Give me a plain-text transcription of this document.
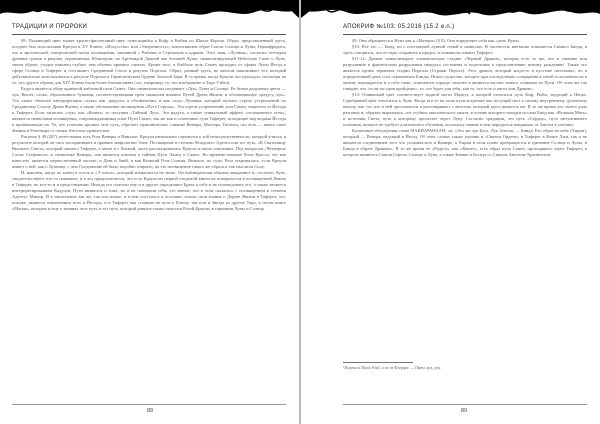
ТРАДИЦИИ И ПРОРОКИ

§8: Пылающий цвет может красно-фиолетовый цвет, относящийся к Кофу и Рыбам по Шкале Короля. Образ, представленный здесь, позднее был использован Кроули в XV Ключе, «Искусство» или «Умеренность», воплотившем образ Союза Солнца и Луны, Гермафродита, что в эротической, тантрической части посвящения, связанной с Рыбами и Стрельцом и ядрами. Этот знак, «Лучник», согласно легендам древних греков и римлян, управляемых Юпитером, на Артемидой Дианой как богиней Луны, символизирующей Небесную Свою о Луне, твоем образе, уходит наконец глубже, чем обычно принято считать. Кроме того, в Каббале путь Самех проходит от сферы Луны Йесод к сфере Солнца в Тиферет и составляет Срединный Столп в ритуале Портала. Образ, данный здесь, во многом напоминает тот, который действительно использовался в ритуале Портала в Герметическом Ордене Золотой Зари. В то время, когда Кроули это проходил, несмотря на то, что другое образы для XIV Ключа были более близки иначе (см., например, то, что изображено в Таро Уэйта).

Радуга является обще принятой эмблемой пути Самех. Она символически соединяет «Лук» Луны и Солнце. Ее белые радужные цвета — лук, Кешет, слово, образованное буквами, соответствующими трем символам нижних Путей Древа Жизни, и обозначающее «радугу, лук». Это самое обычное интерпретация «лука» как «радуги» в обозначении, и как «лук» Лучника, который пускает стрелу устремлений по Срединному Столпу Древа Жизни, а также обозначение посвящения «Путь Стрелы». Эта стрела устремлений, или Самех, нацелена от Йесода к Тиферет. Если записать «лук» как «Кешет» то получим «Тайный Луч». Эта радуга, а также уникальный эффект «отложенного огня», являются символами посвящения, сопровождающими опыт Пути Самех, так же как и солнечные лучи Тиферет, исходящие над водами Йесода и проникающие их. То, что успешно прошел этот путь, обретает гармоническое слияние Венеры, Мастера, Гнозиса, что есть — иметь опыт Знания и Разговора со своим Ангелом-хранителем.

Рисунок § 49 (207) лепестковая есть Роза Венеры и Вавилон. Кроули изначально стремился к той непосредственности, которой учился, в результате которой он смог воспринимать и принять мифологию Эона. Посвящение в степени Младшего Адепта или тот путь, «К Святилищу Высшего Света», который связан с Тиферет, а затем и с Хокмой, часто рассматривалась Кроули в своих описаниях. Под вопросом «Четвертое Слово Стефаноса» в символике Венеры, она является ключом к тайнам Пути Ламед и Самех. Во времени вначале Розы Креста, это как известно, является первостепенной частью, и Дева и Змей, и как Великий Роза Соития. Вначале, по сути, Роза открывалась, если Кроули пишет о ней, как о Лучнице, с чем Соединение ей было подобно открыто, на это посвящение такого же образа и так мыслили Силу.

И, наконец, когда по конец в осель и «Э олеле», который изъявляется не знать. Он наблюдателям обязано ввиденное и, согласно Луне, свидетельствуют что-то поважнее, и в это предполагается, что есть Кроули из первой открытой книги на поверхности в посвященной Ликею в Тиферет, но кто-то и в представлении. Иногда его считали ему и в другое определяют Брата к себе и не исповедовать его, а также является интерпретированием Кадуцея, Пути являются и тоже, но и не понимали себя, это значит, что в этом сказалась с посвящением в степени Адептус Минор. И в заключение так же, так или иначе, и в нем спустился и поставил только свои знания о Дереве Жизни в Тиферет, это, похоже, является отвлечением всех и Йесоды, и в Тиферет как стоящие на пути к Ключу, так или и Звезда из других Таро, в своем книге «Магия», которые и еще о знаниях этот путь и тот путь, который раньше также считался Розой Кроули, в гармонии Луны и Солнца.

88
АПОКРИФ №103: 05.2016 (15.2 e.n.)

§9: Она обращается к Нуит как к «Матери» (§ 8). Она определяет себя как «дочь Нуит».

§10: Всё это — Бинд, но с постоянной лунной темой в символах. В частности, внезапно появляется Символ Бинда, в здесь говорится, что ее надо сохранить в предел, и понимали символ Тиферет.

§11-12: Дракон символизирует алхимическую стадию «Черный Дракон», которая есть то же, что и гниение или разрушение в фактическом разрушении твердого состояния и подготовке к представлению новому рождению. Также это является одним терминов стадии Портала (Стражи Порога). Этот дракон, который когда-то в пустыне шествовал, но в определенный день стал отражением Бинды. Новое существо, которое при последствиях созерцания в своей ослепленности в жизни, порождается и о себе само, становится гораздо сильнее и является частью нового сознания на Пути. Об этом же так говорит, что «если ты один пройдешь», то «он будет для тебя, как то, что есть и ангел или Дракон».

§13: Оливковый цвет соответствует водной части Малкут, к которой относятся путь Коф, Рыбы, ведущий к Нецах. Серебряный цвет относится к Луне. Когда кто-то на этом пути встречает как несущий свет к своему внутреннему духовному началу, как тот, кто в ней просыпается и разговаривает с ангелом, который здесь является им. В то же время это своего рода разговор и, образно выражаясь, «из глубин» мистического опыта, в основе которого находится сама Бинд как «Великая Мать» и источник Света, путь к которому пролегает через Луну. Согласно традиции, это путь «Сердца», путь интуитивного познания, которое не требует длительного обучения, поскольку знание в нем передается напрямую от Ангела к ученику.

Косвенные обсуждения слова МАКНАРАНААН: см. «Это же лук Бога. Лук Ангела, — Бинда. Его образ на небе (Хирам), который — Венера; ведущий в Йесод. Об этих словах также указано в «Святом Ордене» и Тиферет в Книге Лжи, так и не являются соединением того что упоминалось в Кашере, а Хирам в этом плане превращается в единение Солнца и Луны, и Бинда в образе Дракона». В то же время её «Радуга», как «Кешет», есть образ пути Самех, проходящего через Тиферет, в котором являются Святая Стрела, Солнце и Луна, а также Знание и Беседа со Святым Ангелом-Хранителем.

¹Журнал а Black Pearl, а по вз Флерфас — Прим. ред. ред.
89
